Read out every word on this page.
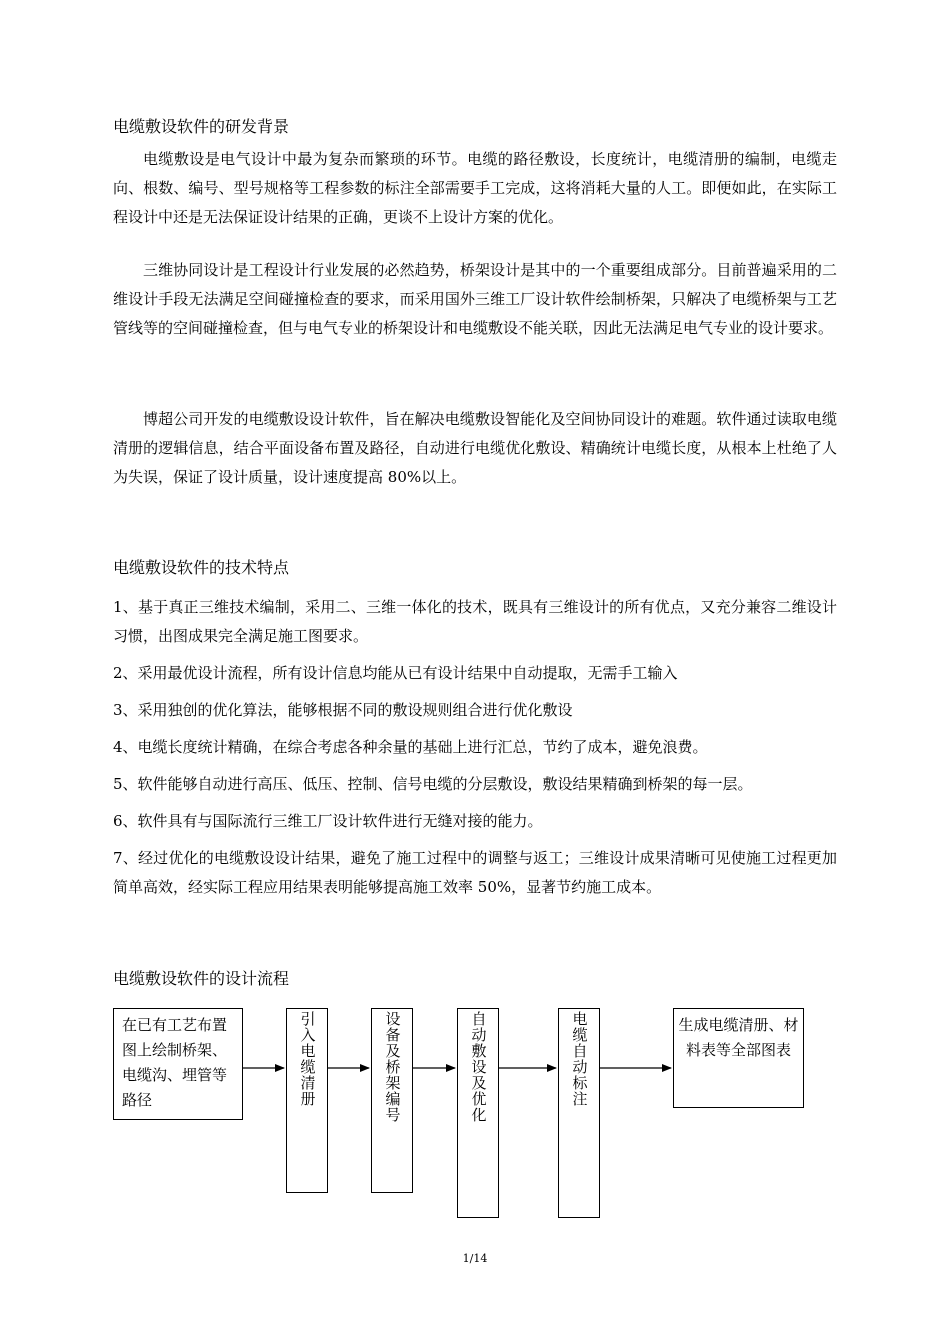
电缆敷设软件的研发背景

电缆敷设是电气设计中最为复杂而繁琐的环节。电缆的路径敷设，长度统计，电缆清册的编制，电缆走向、根数、编号、型号规格等工程参数的标注全部需要手工完成，这将消耗大量的人工。即便如此，在实际工程设计中还是无法保证设计结果的正确，更谈不上设计方案的优化。

三维协同设计是工程设计行业发展的必然趋势，桥架设计是其中的一个重要组成部分。目前普遍采用的二维设计手段无法满足空间碰撞检查的要求，而采用国外三维工厂设计软件绘制桥架，只解决了电缆桥架与工艺管线等的空间碰撞检查，但与电气专业的桥架设计和电缆敷设不能关联，因此无法满足电气专业的设计要求。

博超公司开发的电缆敷设设计软件，旨在解决电缆敷设智能化及空间协同设计的难题。软件通过读取电缆清册的逻辑信息，结合平面设备布置及路径，自动进行电缆优化敷设、精确统计电缆长度，从根本上杜绝了人为失误，保证了设计质量，设计速度提高 80%以上。

电缆敷设软件的技术特点
1、基于真正三维技术编制，采用二、三维一体化的技术，既具有三维设计的所有优点，又充分兼容二维设计习惯，出图成果完全满足施工图要求。
2、采用最优设计流程，所有设计信息均能从已有设计结果中自动提取，无需手工输入
3、采用独创的优化算法，能够根据不同的敷设规则组合进行优化敷设
4、电缆长度统计精确，在综合考虑各种余量的基础上进行汇总，节约了成本，避免浪费。
5、软件能够自动进行高压、低压、控制、信号电缆的分层敷设，敷设结果精确到桥架的每一层。
6、软件具有与国际流行三维工厂设计软件进行无缝对接的能力。
7、经过优化的电缆敷设设计结果，避免了施工过程中的调整与返工；三维设计成果清晰可见使施工过程更加简单高效，经实际工程应用结果表明能够提高施工效率 50%，显著节约施工成本。
电缆敷设软件的设计流程
在已有工艺布置图上绘制桥架、电缆沟、埋管等路径	引入电缆清册	设备及桥架编号	自动敷设及优化	电缆自动标注	生成电缆清册、材料表等全部图表
1/14
